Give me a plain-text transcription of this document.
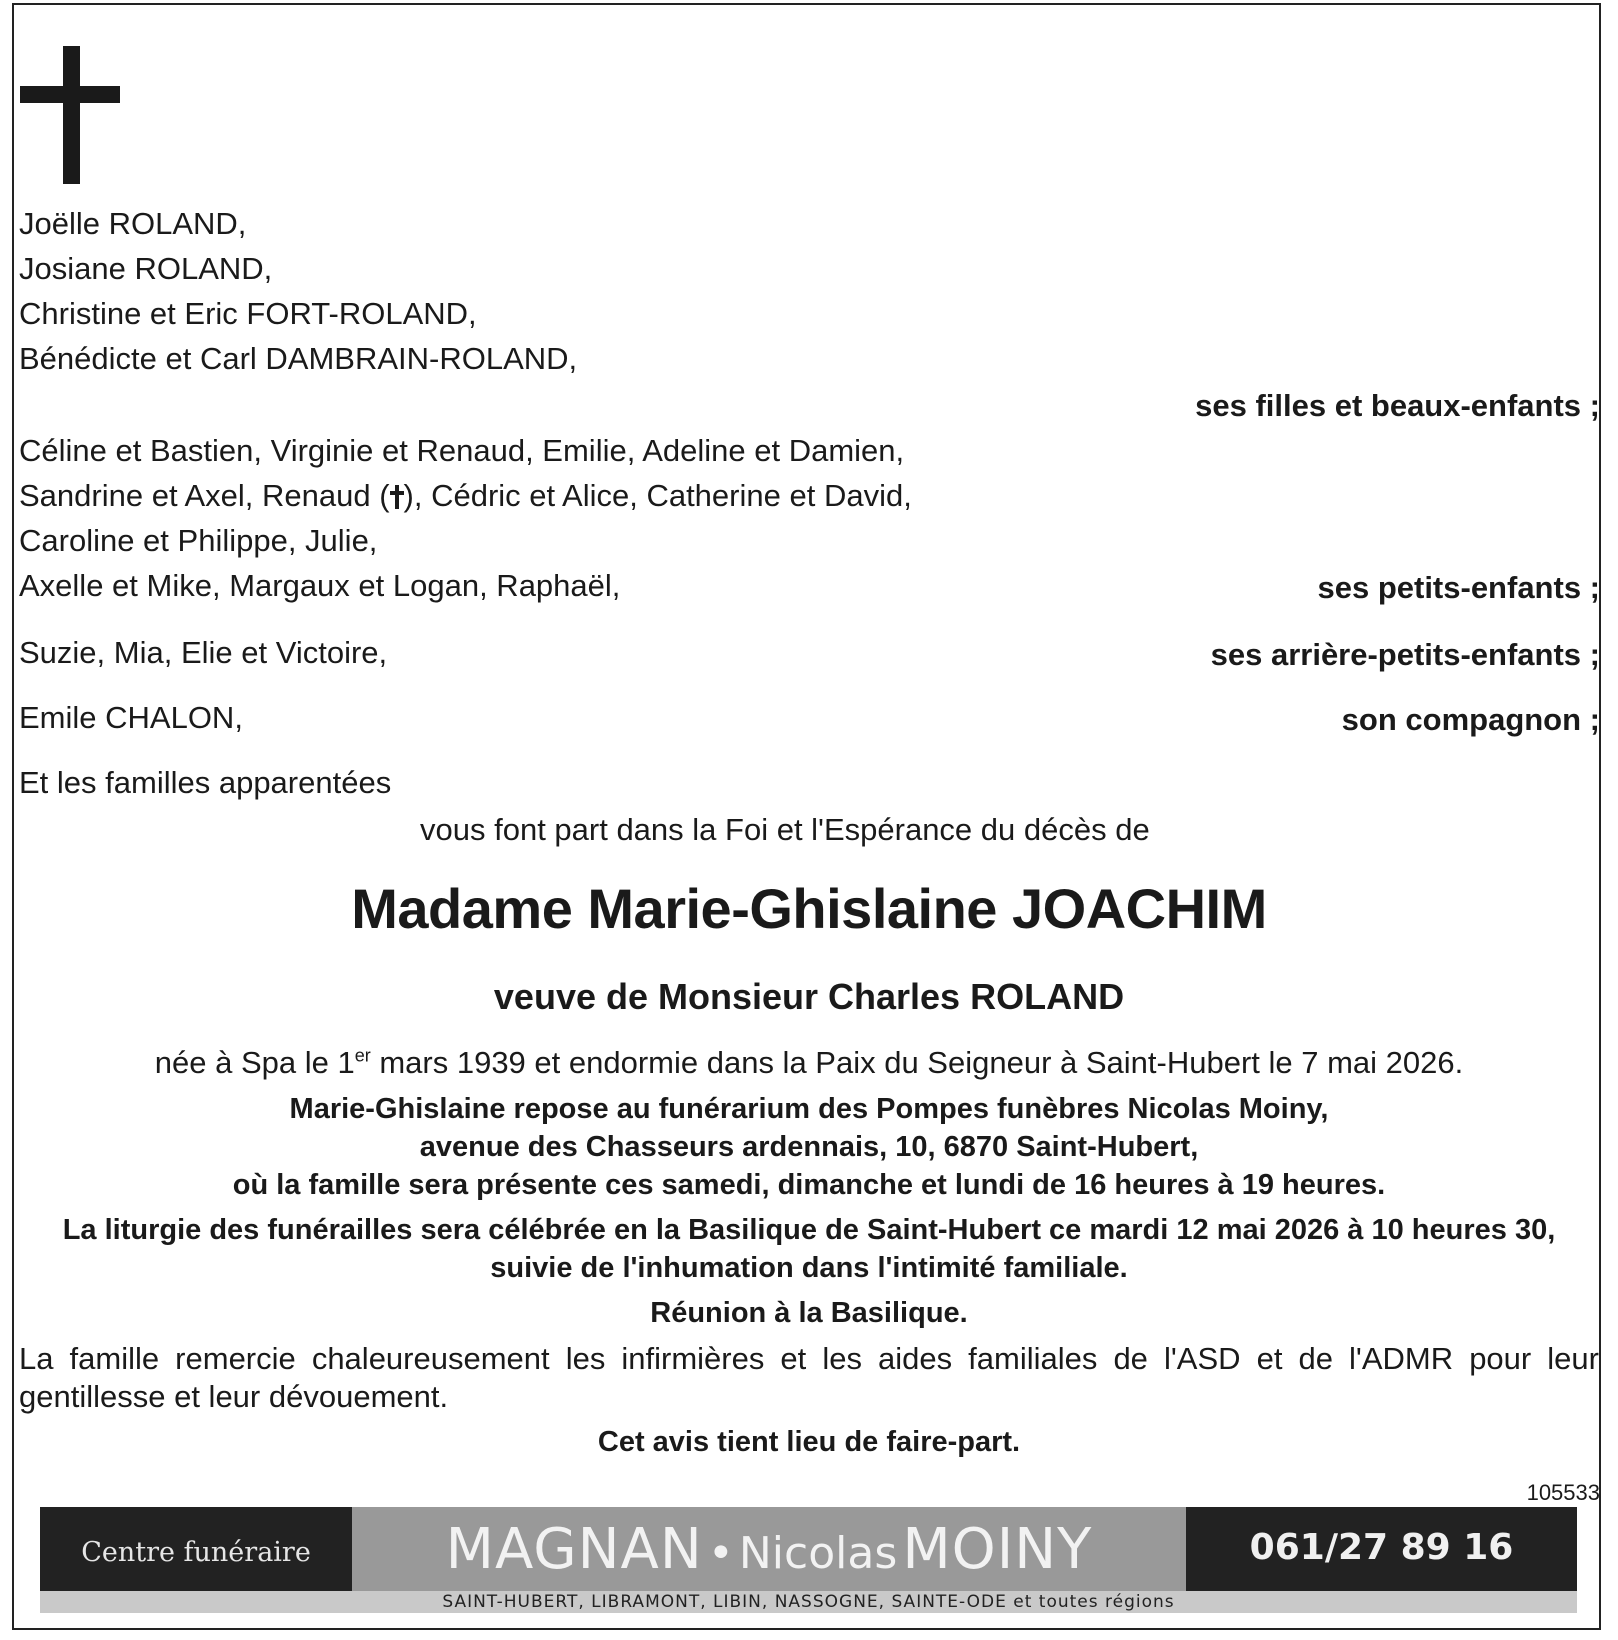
Joëlle ROLAND,
Josiane ROLAND,
Christine et Eric FORT-ROLAND,
Bénédicte et Carl DAMBRAIN-ROLAND,
ses filles et beaux-enfants ;
Céline et Bastien, Virginie et Renaud, Emilie, Adeline et Damien,
Sandrine et Axel, Renaud ( ), Cédric et Alice, Catherine et David,
Caroline et Philippe, Julie,
Axelle et Mike, Margaux et Logan, Raphaël,	ses petits-enfants ;
Suzie, Mia, Elie et Victoire,	ses arrière-petits-enfants ;
Emile CHALON,	son compagnon ;
Et les familles apparentées
vous font part dans la Foi et l'Espérance du décès de
Madame Marie-Ghislaine JOACHIM
veuve de Monsieur Charles ROLAND
née à Spa le 1er mars 1939 et endormie dans la Paix du Seigneur à Saint-Hubert le 7 mai 2026.
Marie-Ghislaine repose au funérarium des Pompes funèbres Nicolas Moiny,
avenue des Chasseurs ardennais, 10, 6870 Saint-Hubert,
où la famille sera présente ces samedi, dimanche et lundi de 16 heures à 19 heures.
La liturgie des funérailles sera célébrée en la Basilique de Saint-Hubert ce mardi 12 mai 2026 à 10 heures 30,
suivie de l'inhumation dans l'intimité familiale.
Réunion à la Basilique.
La famille remercie chaleureusement les infirmières et les aides familiales de l'ASD et de l'ADMR pour leur gentillesse et leur dévouement.
Cet avis tient lieu de faire-part.
105533
Centre funéraire	MAGNAN • Nicolas MOINY	061/27 89 16
SAINT-HUBERT, LIBRAMONT, LIBIN, NASSOGNE, SAINTE-ODE et toutes régions
